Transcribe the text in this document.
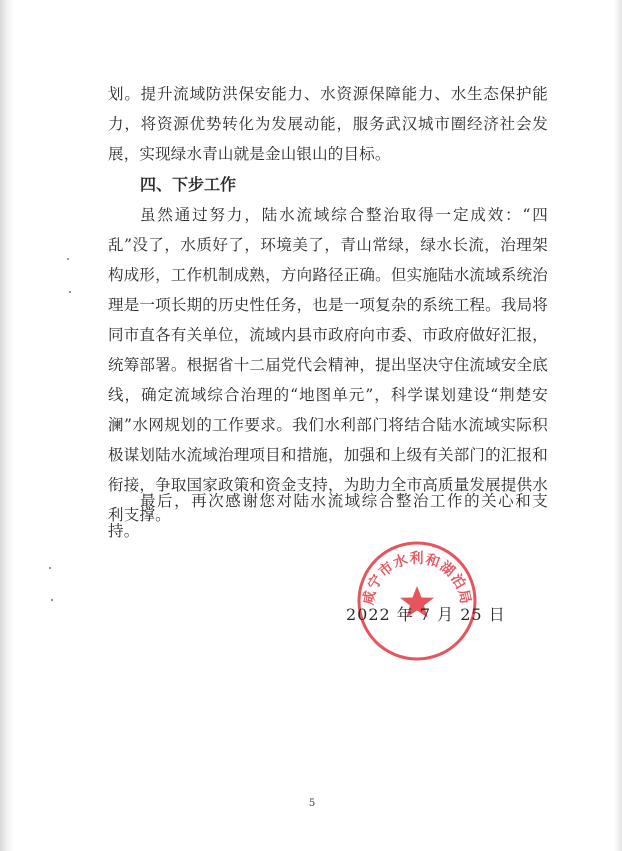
划。提升流域防洪保安能力、水资源保障能力、水生态保护能力，将资源优势转化为发展动能，服务武汉城市圈经济社会发展，实现绿水青山就是金山银山的目标。

四、下步工作

虽然通过努力，陆水流域综合整治取得一定成效：“四乱”没了，水质好了，环境美了，青山常绿，绿水长流，治理架构成形，工作机制成熟，方向路径正确。但实施陆水流域系统治理是一项长期的历史性任务，也是一项复杂的系统工程。我局将同市直各有关单位，流域内县市政府向市委、市政府做好汇报，统筹部署。根据省十二届党代会精神，提出坚决守住流域安全底线，确定流域综合治理的“地图单元”，科学谋划建设“荆楚安澜”水网规划的工作要求。我们水利部门将结合陆水流域实际积极谋划陆水流域治理项目和措施，加强和上级有关部门的汇报和衔接，争取国家政策和资金支持，为助力全市高质量发展提供水利支撑。

最后，再次感谢您对陆水流域综合整治工作的关心和支持。

咸宁市水利和湖泊局
2022 年 7 月 25 日
5
